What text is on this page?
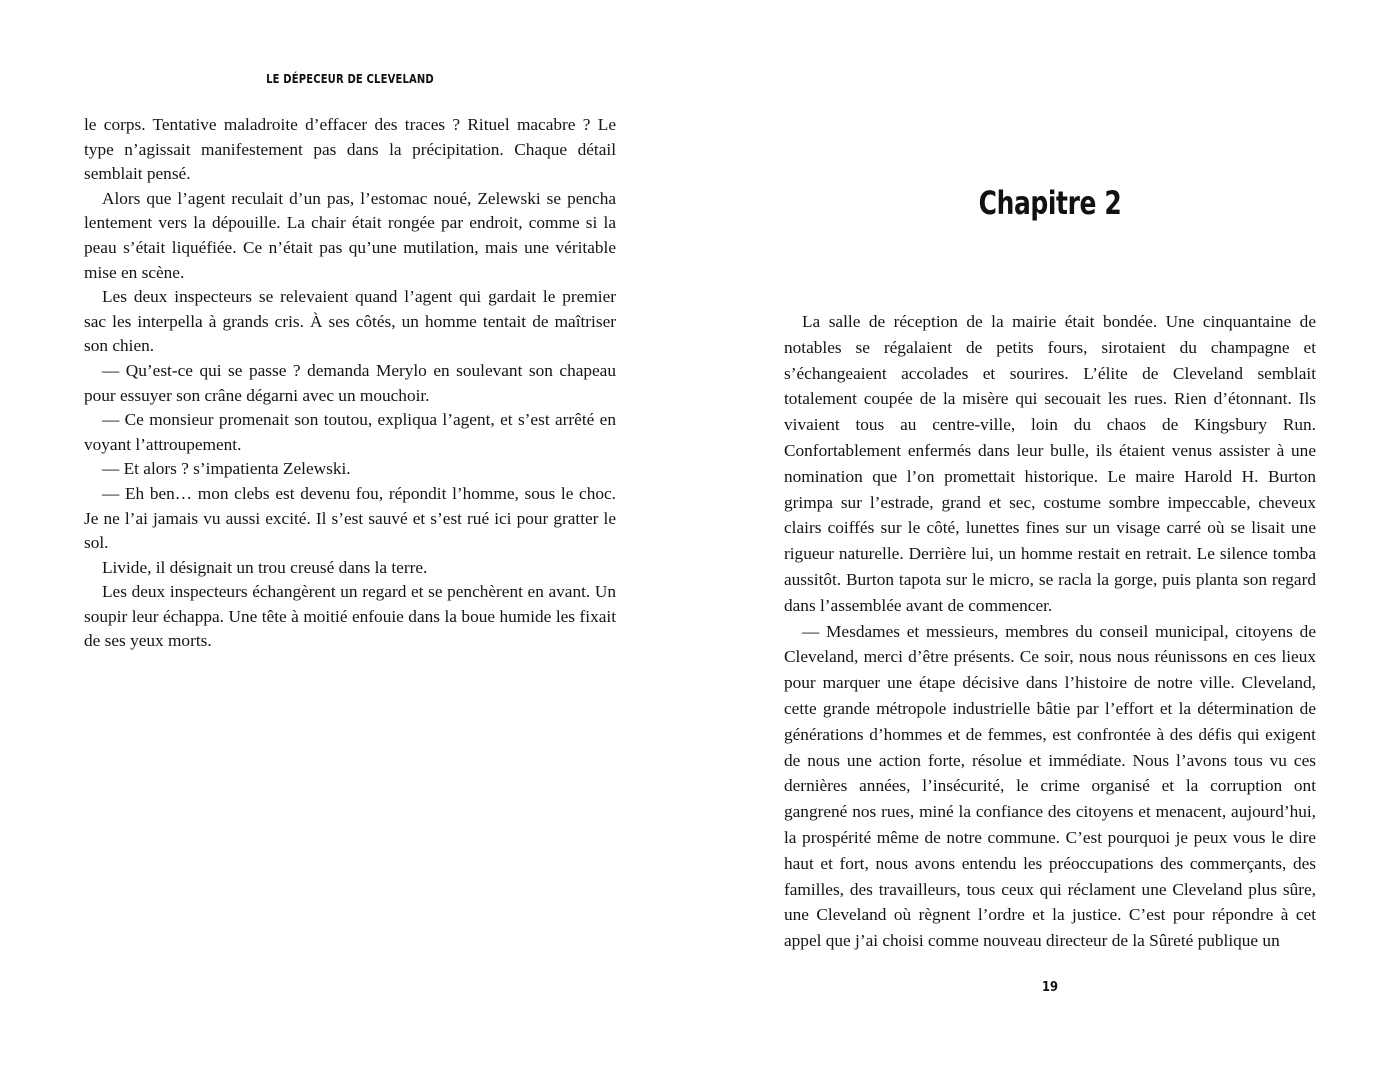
LE DÉPECEUR DE CLEVELAND

le corps. Tentative maladroite d’effacer des traces ? Rituel macabre ? Le type n’agissait manifestement pas dans la précipitation. Chaque détail semblait pensé.

Alors que l’agent reculait d’un pas, l’estomac noué, Zelewski se pencha lentement vers la dépouille. La chair était rongée par endroit, comme si la peau s’était liquéfiée. Ce n’était pas qu’une mutilation, mais une véritable mise en scène.

Les deux inspecteurs se relevaient quand l’agent qui gardait le premier sac les interpella à grands cris. À ses côtés, un homme tentait de maîtriser son chien.

— Qu’est-ce qui se passe ? demanda Merylo en soulevant son chapeau pour essuyer son crâne dégarni avec un mouchoir.

— Ce monsieur promenait son toutou, expliqua l’agent, et s’est arrêté en voyant l’attroupement.

— Et alors ? s’impatienta Zelewski.

— Eh ben… mon clebs est devenu fou, répondit l’homme, sous le choc. Je ne l’ai jamais vu aussi excité. Il s’est sauvé et s’est rué ici pour gratter le sol.

Livide, il désignait un trou creusé dans la terre.

Les deux inspecteurs échangèrent un regard et se penchèrent en avant. Un soupir leur échappa. Une tête à moitié enfouie dans la boue humide les fixait de ses yeux morts.

Chapitre 2

La salle de réception de la mairie était bondée. Une cinquantaine de notables se régalaient de petits fours, sirotaient du champagne et s’échangeaient accolades et sourires. L’élite de Cleveland semblait totalement coupée de la misère qui secouait les rues. Rien d’étonnant. Ils vivaient tous au centre-ville, loin du chaos de Kingsbury Run. Confortablement enfermés dans leur bulle, ils étaient venus assister à une nomination que l’on promettait historique. Le maire Harold H. Burton grimpa sur l’estrade, grand et sec, costume sombre impeccable, cheveux clairs coiffés sur le côté, lunettes fines sur un visage carré où se lisait une rigueur naturelle. Derrière lui, un homme restait en retrait. Le silence tomba aussitôt. Burton tapota sur le micro, se racla la gorge, puis planta son regard dans l’assemblée avant de commencer.

— Mesdames et messieurs, membres du conseil municipal, citoyens de Cleveland, merci d’être présents. Ce soir, nous nous réunissons en ces lieux pour marquer une étape décisive dans l’histoire de notre ville. Cleveland, cette grande métropole industrielle bâtie par l’effort et la détermination de générations d’hommes et de femmes, est confrontée à des défis qui exigent de nous une action forte, résolue et immédiate. Nous l’avons tous vu ces dernières années, l’insécurité, le crime organisé et la corruption ont gangrené nos rues, miné la confiance des citoyens et menacent, aujourd’hui, la prospérité même de notre commune. C’est pourquoi je peux vous le dire haut et fort, nous avons entendu les préoccupations des commerçants, des familles, des travailleurs, tous ceux qui réclament une Cleveland plus sûre, une Cleveland où règnent l’ordre et la justice. C’est pour répondre à cet appel que j’ai choisi comme nouveau directeur de la Sûreté publique un

19
